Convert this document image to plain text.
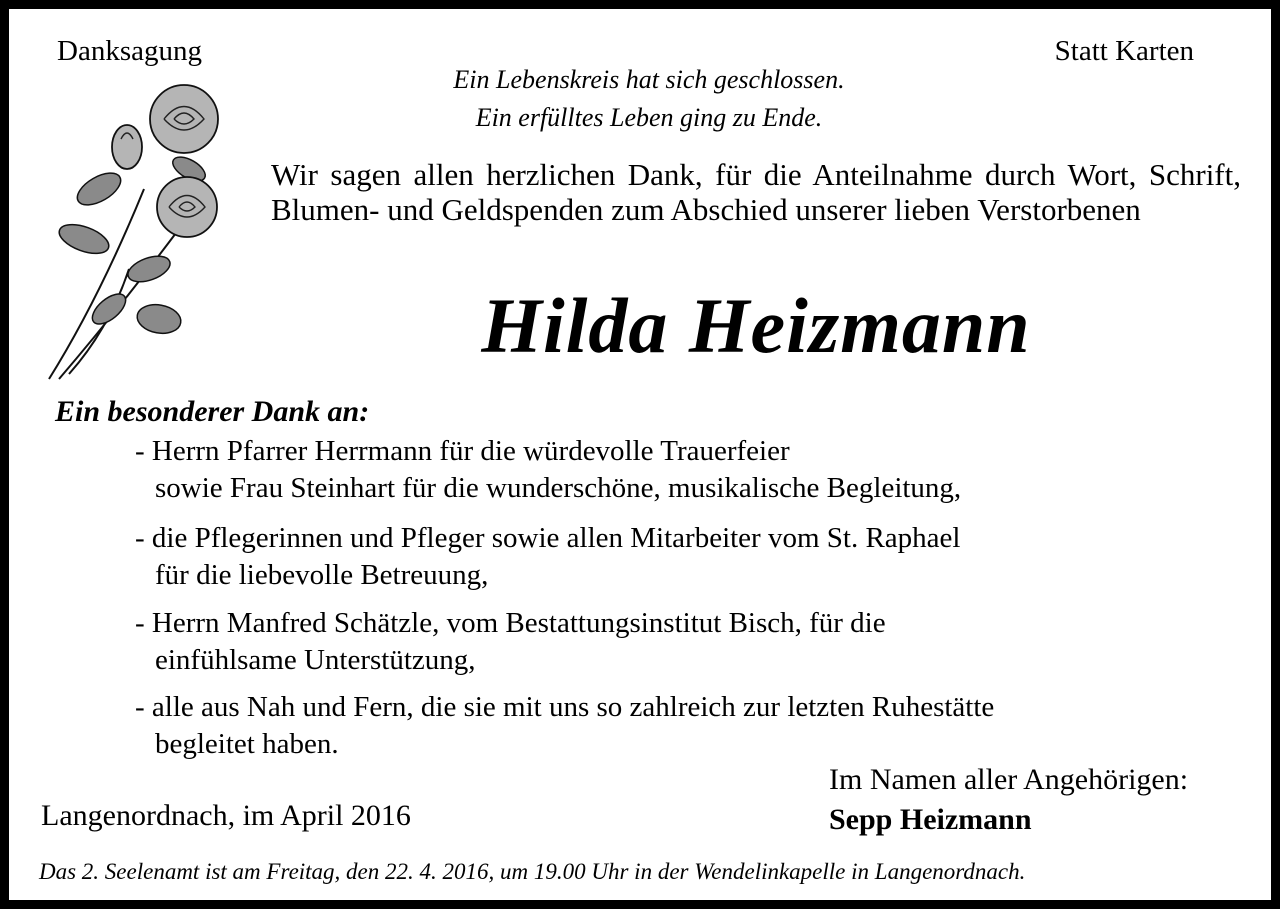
Danksagung	Statt Karten
Ein Lebenskreis hat sich geschlossen.
Ein erfülltes Leben ging zu Ende.
Wir sagen allen herzlichen Dank, für die Anteilnahme durch Wort, Schrift, Blumen- und Geldspenden zum Abschied unserer lieben Verstorbenen
Hilda Heizmann
Ein besonderer Dank an:
- Herrn Pfarrer Herrmann für die würdevolle Trauerfeier
sowie Frau Steinhart für die wunderschöne, musikalische Begleitung,
- die Pflegerinnen und Pfleger sowie allen Mitarbeiter vom St. Raphael
für die liebevolle Betreuung,
- Herrn Manfred Schätzle, vom Bestattungsinstitut Bisch, für die
einfühlsame Unterstützung,
- alle aus Nah und Fern, die sie mit uns so zahlreich zur letzten Ruhestätte
begleitet haben.
Im Namen aller Angehörigen:
Langenordnach, im April 2016	Sepp Heizmann
Das 2. Seelenamt ist am Freitag, den 22. 4. 2016, um 19.00 Uhr in der Wendelinkapelle in Langenordnach.
